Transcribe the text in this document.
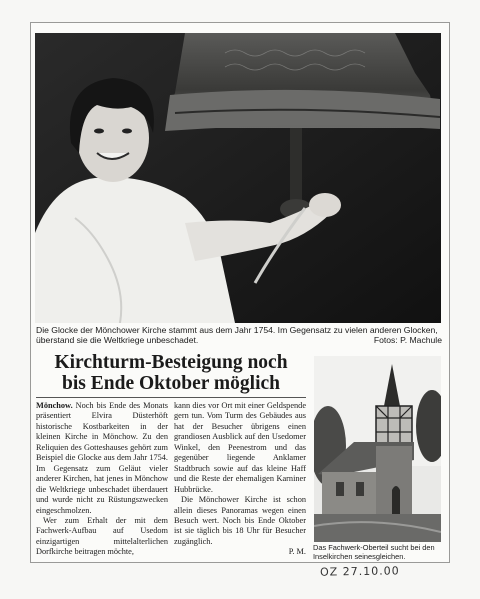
Die Glocke der Mönchower Kirche stammt aus dem Jahr 1754. Im Gegensatz zu vielen anderen Glocken,
überstand sie die Weltkriege unbeschadet.	Fotos: P. Machule
Kirchturm-Besteigung noch
bis Ende Oktober möglich

Mönchow. Noch bis Ende des Monats präsentiert Elvira Düsterhöft historische Kostbarkeiten in der kleinen Kirche in Mönchow. Zu den Reliquien des Gotteshauses gehört zum Beispiel die Glocke aus dem Jahr 1754. Im Gegensatz zum Geläut vieler anderer Kirchen, hat jenes in Mönchow die Weltkriege unbeschadet überdauert und wurde nicht zu Rüstungszwecken eingeschmolzen.

Wer zum Erhalt der mit dem Fachwerk-Aufbau auf Usedom einzigartigen mittelalterlichen Dorfkirche beitragen möchte,

kann dies vor Ort mit einer Geldspende gern tun. Vom Turm des Gebäudes aus hat der Besucher übrigens einen grandiosen Ausblick auf den Usedomer Winkel, den Peenestrom und das gegenüber liegende Anklamer Stadtbruch sowie auf das kleine Haff und die Reste der ehemaligen Karniner Hubbrücke.

Die Mönchower Kirche ist schon allein dieses Panoramas wegen einen Besuch wert. Noch bis Ende Oktober ist sie täglich bis 18 Uhr für Besucher zugänglich.

P. M. Das Fachwerk-Oberteil sucht bei den Inselkirchen seinesgleichen.
OZ 27.10.00
